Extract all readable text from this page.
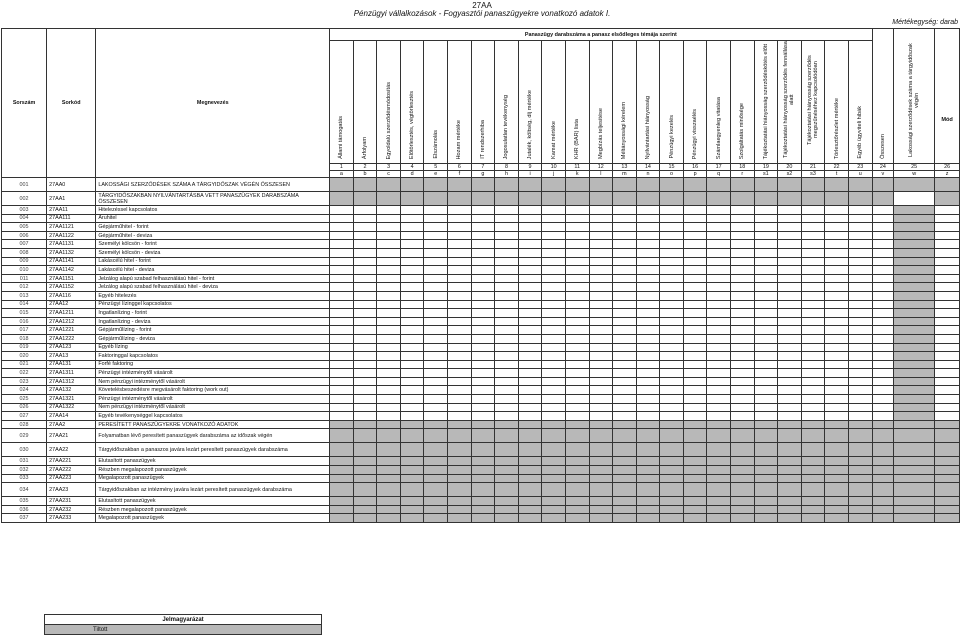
27AA
Pénzügyi vállalkozások - Fogyasztói panaszügyekre vonatkozó adatok I.
Mértékegység: darab
Sorszám	Sorkód	Megnevezés	Panaszügy darabszáma a panasz elsődleges témája szerint																							Összesen	Lakossági szerződések száma a tárgyidőszak végén	Mód
			Állami támogatás	Árfolyam	Egyoldalú szerződésmódosítás	Előtörlesztés, végtörlesztés	Elszámolás	Hozam mértéke	IT rendszerhiba	Jogosulatlan tevékenység	Jutalék, költség, díj mértéke	Kamat mértéke	KHR (BAR) lista	Megbízás teljesítése	Méltányossági kérelem	Nyilvántartási hiányosság	Pénzügyi kezelés	Pénzügyi visszaélés	Számlaegyenleg vitatása	Szolgáltatás minősége	Tájékoztatási hiányosság szerződéskötés előtt	Tájékoztatási hiányosság szerződés fennállása alatt	Tájékoztatási hiányosság szerződés megszűnéséhez kapcsolódóan	Törlesztőrészlet mértéke	Egyéb ügyviteli hibák			
			1	2	3	4	5	6	7	8	9	10	11	12	13	14	15	16	17	18	19	20	21	22	23	24	25	26
			a	b	c	d	e	f	g	h	i	j	k	l	m	n	o	p	q	r	s1	s2	s3	t	u	v	w	z
001	27AA0	LAKOSSÁGI SZERZŐDÉSEK SZÁMA A TÁRGYIDŐSZAK VÉGÉN ÖSSZESEN																										
002	27AA1	TÁRGYIDŐSZAKBAN NYILVÁNTARTÁSBA VETT PANASZÜGYEK DARABSZÁMA ÖSSZESEN																										
003	27AA11	Hitelezéssel kapcsolatos																										
004	27AA111	Áruhitel																										
005	27AA1121	Gépjárműhitel - forint																										
006	27AA1122	Gépjárműhitel - deviza																										
007	27AA1131	Személyi kölcsön - forint																										
008	27AA1132	Személyi kölcsön - deviza																										
009	27AA1141	Lakáscélú hitel - forint																										
010	27AA1142	Lakáscélú hitel - deviza																										
011	27AA1151	Jelzálog alapú szabad felhasználású hitel - forint																										
012	27AA1152	Jelzálog alapú szabad felhasználású hitel - deviza																										
013	27AA116	Egyéb hitelezés																										
014	27AA12	Pénzügyi lízinggel kapcsolatos																										
015	27AA1211	Ingatlanlízing - forint																										
016	27AA1212	Ingatlanlízing - deviza																										
017	27AA1221	Gépjárműlízing - forint																										
018	27AA1222	Gépjárműlízing - deviza																										
019	27AA123	Egyéb lízing																										
020	27AA13	Faktoringgal kapcsolatos																										
021	27AA131	Forfé faktoring																										
022	27AA1311	Pénzügyi intézménytől vásárolt																										
023	27AA1312	Nem pénzügyi intézménytől vásárolt																										
024	27AA132	Követelésbeszedésre megvásárolt faktoring (work out)																										
025	27AA1321	Pénzügyi intézménytől vásárolt																										
026	27AA1322	Nem pénzügyi intézménytől vásárolt																										
027	27AA14	Egyéb tevékenységgel kapcsolatos																										
028	27AA2	PERESÍTETT PANASZÜGYEKRE VONATKOZÓ ADATOK																										
029	27AA21	Folyamatban lévő peresített panaszügyek darabszáma az időszak végén																										
030	27AA22	Tárgyidőszakban a panaszos javára lezárt peresített panaszügyek darabszáma																										
031	27AA221	Elutasított panaszügyek																										
032	27AA222	Részben megalapozott panaszügyek																										
033	27AA223	Megalapozott panaszügyek																										
034	27AA23	Tárgyidőszakban az intézmény javára lezárt peresített panaszügyek darabszáma																										
035	27AA231	Elutasított panaszügyek																										
036	27AA232	Részben megalapozott panaszügyek																										
037	27AA233	Megalapozott panaszügyek																										
Jelmagyarázat
Tiltott
